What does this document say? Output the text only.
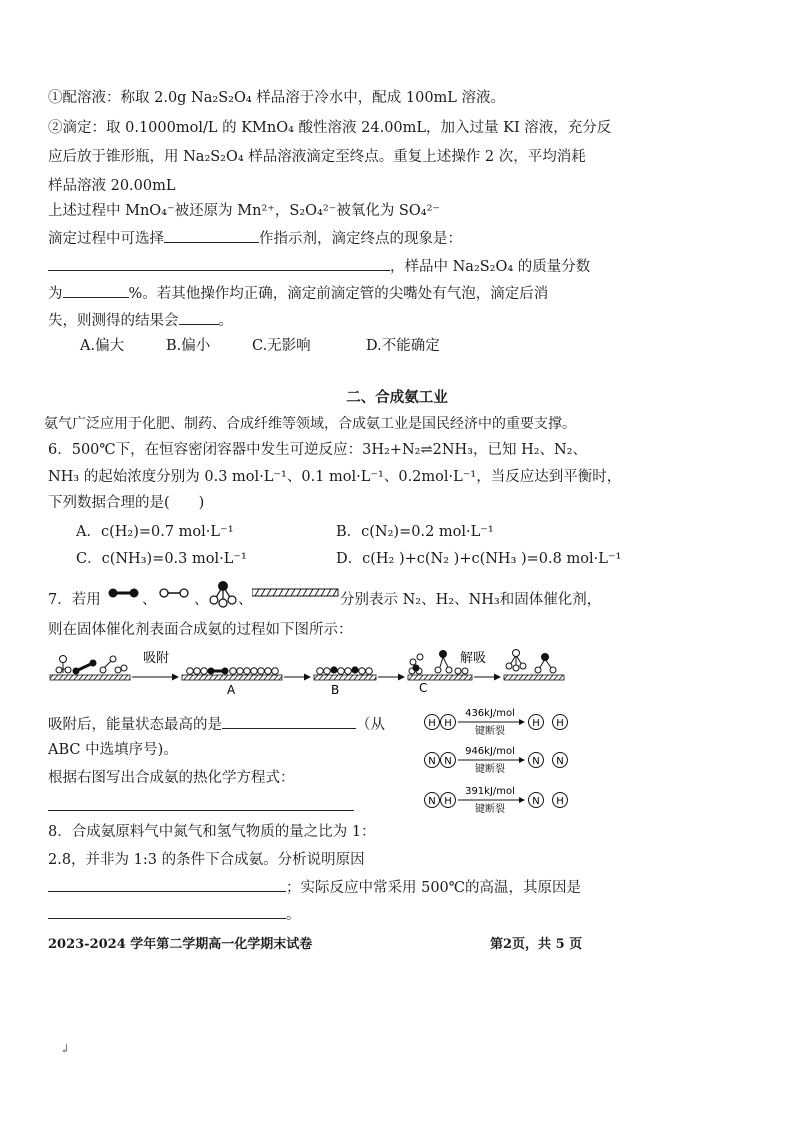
①配溶液：称取 2.0g Na₂S₂O₄ 样品溶于冷水中，配成 100mL 溶液。
②滴定：取 0.1000mol/L 的 KMnO₄ 酸性溶液 24.00mL，加入过量 KI 溶液，充分反
应后放于锥形瓶，用 Na₂S₂O₄ 样品溶液滴定至终点。重复上述操作 2 次，平均消耗
样品溶液 20.00mL
上述过程中 MnO₄⁻被还原为 Mn²⁺，S₂O₄²⁻被氧化为 SO₄²⁻
滴定过程中可选择	作指示剂，滴定终点的现象是：
，样品中 Na₂S₂O₄ 的质量分数
为	%。若其他操作均正确，滴定前滴定管的尖嘴处有气泡，滴定后消
失，则测得的结果会	。
A.偏大	B.偏小	C.无影响	D.不能确定
二、合成氨工业
氨气广泛应用于化肥、制药、合成纤维等领域，合成氨工业是国民经济中的重要支撑。
6．500℃下，在恒容密闭容器中发生可逆反应：3H₂+N₂⇌2NH₃，已知 H₂、N₂、
NH₃ 的起始浓度分别为 0.3 mol·L⁻¹、0.1 mol·L⁻¹、0.2mol·L⁻¹，当反应达到平衡时，
下列数据合理的是(　　)
A．c(H₂)=0.7 mol·L⁻¹	B．c(N₂)=0.2 mol·L⁻¹
C．c(NH₃)=0.3 mol·L⁻¹	D．c(H₂ )+c(N₂ )+c(NH₃ )=0.8 mol·L⁻¹
7．若用	、	、 、	分别表示 N₂、H₂、NH₃和固体催化剂，
则在固体催化剂表面合成氨的过程如下图所示：
吸附
A	B	C
解吸
吸附后，能量状态最高的是	（从
ABC 中选填序号)。
根据右图写出合成氨的热化学方程式：
H H
436kJ/mol
键断裂
H H
N N
946kJ/mol
键断裂
N N
N H
391kJ/mol
键断裂
N H
8．合成氨原料气中氮气和氢气物质的量之比为 1：
2.8，并非为 1:3 的条件下合成氨。分析说明原因
；实际反应中常采用 500℃的高温，其原因是
。
2023-2024 学年第二学期高一化学期末试卷	第2页，共 5 页
↲
